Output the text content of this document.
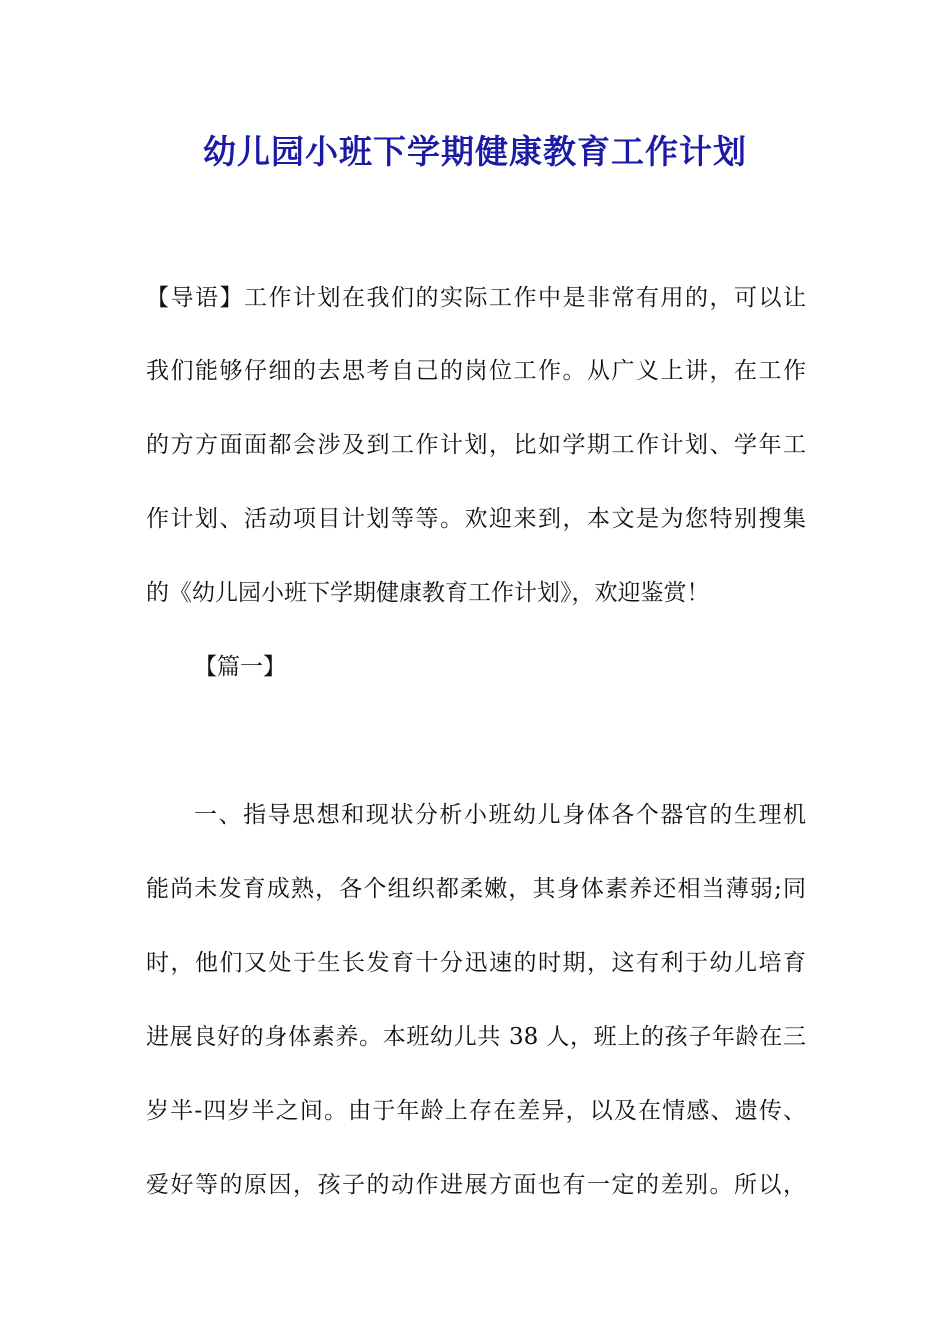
幼儿园小班下学期健康教育工作计划
【导语】工作计划在我们的实际工作中是非常有用的，可以让
我们能够仔细的去思考自己的岗位工作。从广义上讲，在工作
的方方面面都会涉及到工作计划，比如学期工作计划、学年工
作计划、活动项目计划等等。欢迎来到，本文是为您特别搜集
的《幼儿园小班下学期健康教育工作计划》，欢迎鉴赏！
【篇一】
一、指导思想和现状分析小班幼儿身体各个器官的生理机
能尚未发育成熟，各个组织都柔嫩，其身体素养还相当薄弱;同
时，他们又处于生长发育十分迅速的时期，这有利于幼儿培育
进展良好的身体素养。本班幼儿共 38 人，班上的孩子年龄在三
岁半-四岁半之间。由于年龄上存在差异，以及在情感、遗传、
爱好等的原因，孩子的动作进展方面也有一定的差别。所以，
